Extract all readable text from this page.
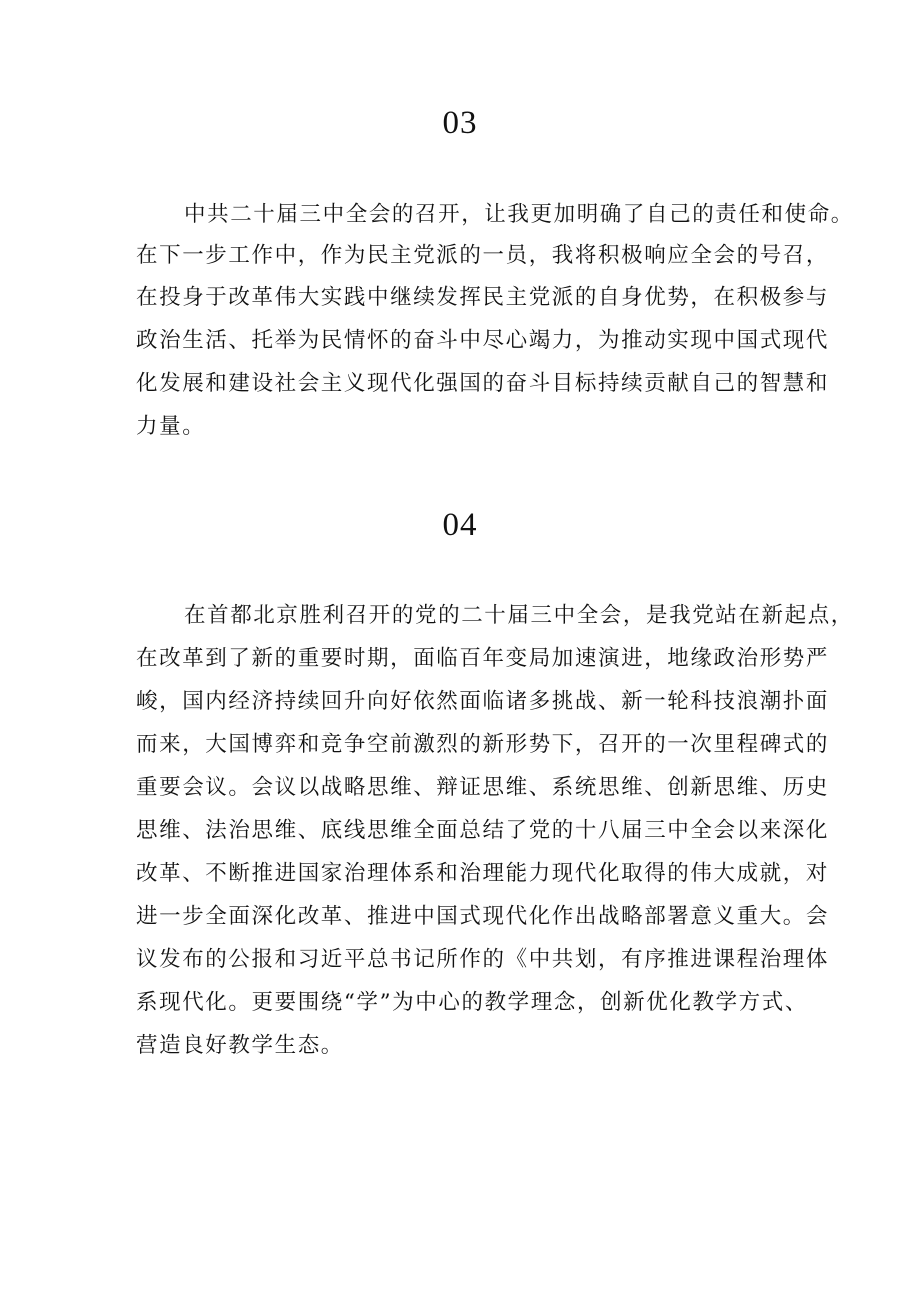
03
中共二十届三中全会的召开，让我更加明确了自己的责任和使命。
在下一步工作中，作为民主党派的一员，我将积极响应全会的号召，
在投身于改革伟大实践中继续发挥民主党派的自身优势，在积极参与
政治生活、托举为民情怀的奋斗中尽心竭力，为推动实现中国式现代
化发展和建设社会主义现代化强国的奋斗目标持续贡献自己的智慧和
力量。
04
在首都北京胜利召开的党的二十届三中全会，是我党站在新起点，
在改革到了新的重要时期，面临百年变局加速演进，地缘政治形势严
峻，国内经济持续回升向好依然面临诸多挑战、新一轮科技浪潮扑面
而来，大国博弈和竞争空前激烈的新形势下，召开的一次里程碑式的
重要会议。会议以战略思维、辩证思维、系统思维、创新思维、历史
思维、法治思维、底线思维全面总结了党的十八届三中全会以来深化
改革、不断推进国家治理体系和治理能力现代化取得的伟大成就，对
进一步全面深化改革、推进中国式现代化作出战略部署意义重大。会
议发布的公报和习近平总书记所作的《中共划，有序推进课程治理体
系现代化。更要围绕“学”为中心的教学理念，创新优化教学方式、
营造良好教学生态。
